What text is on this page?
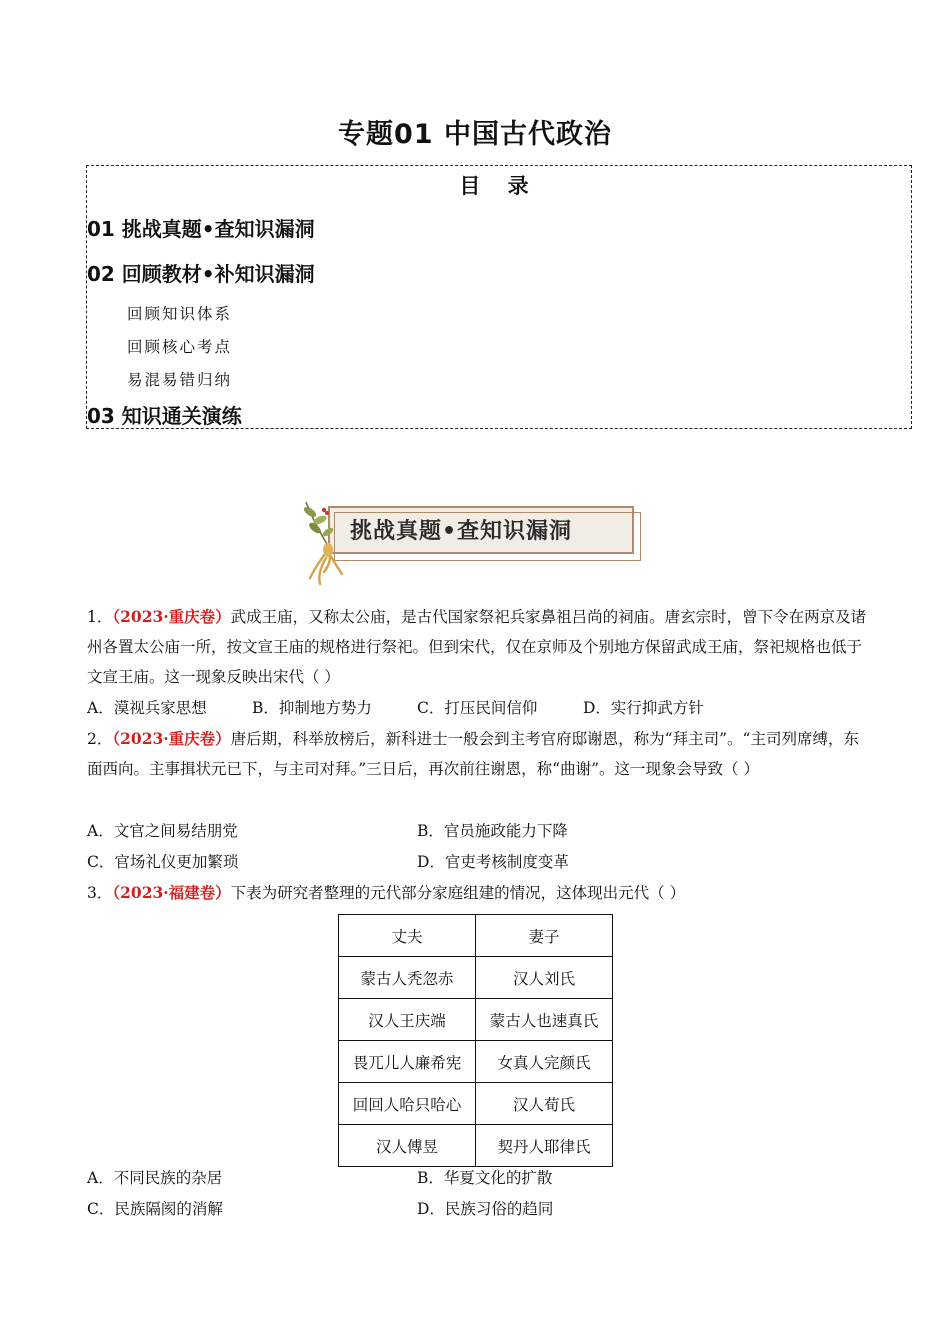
专题01 中国古代政治
目 录
01 挑战真题•查知识漏洞
02 回顾教材•补知识漏洞
回顾知识体系
回顾核心考点
易混易错归纳
03 知识通关演练
挑战真题•查知识漏洞
1．（2023·重庆卷）武成王庙，又称太公庙，是古代国家祭祀兵家鼻祖吕尚的祠庙。唐玄宗时，曾下令在两京及诸州各置太公庙一所，按文宣王庙的规格进行祭祀。但到宋代，仅在京师及个别地方保留武成王庙，祭祀规格也低于文宣王庙。这一现象反映出宋代（ ）
A．漠视兵家思想	B．抑制地方势力	C．打压民间信仰	D．实行抑武方针
2．（2023·重庆卷）唐后期，科举放榜后，新科进士一般会到主考官府邸谢恩，称为“拜主司”。“主司列席缚，东面西向。主事揖状元已下，与主司对拜。”三日后，再次前往谢恩，称“曲谢”。这一现象会导致（ ）
A．文官之间易结朋党	B．官员施政能力下降
C．官场礼仪更加繁琐	D．官吏考核制度变革
3．（2023·福建卷）下表为研究者整理的元代部分家庭组建的情况，这体现出元代（ ）
丈夫	妻子
蒙古人秃忽赤	汉人刘氏
汉人王庆端	蒙古人也速真氏
畏兀儿人廉希宪	女真人完颜氏
回回人哈只哈心	汉人荀氏
汉人傅昱	契丹人耶律氏
A．不同民族的杂居	B．华夏文化的扩散
C．民族隔阂的消解	D．民族习俗的趋同
